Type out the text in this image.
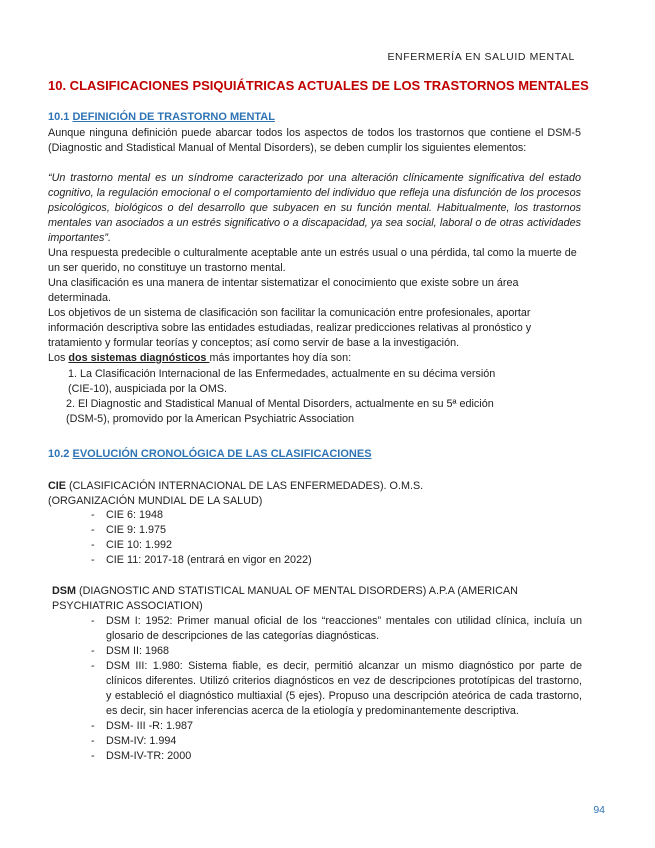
ENFERMERÍA EN SALUID MENTAL
10. CLASIFICACIONES PSIQUIÁTRICAS ACTUALES DE LOS TRASTORNOS MENTALES
10.1 DEFINICIÓN DE TRASTORNO MENTAL
Aunque ninguna definición puede abarcar todos los aspectos de todos los trastornos que contiene el DSM-5 (Diagnostic and Stadistical Manual of Mental Disorders), se deben cumplir los siguientes elementos:
“Un trastorno mental es un síndrome caracterizado por una alteración clínicamente significativa del estado cognitivo, la regulación emocional o el comportamiento del individuo que refleja una disfunción de los procesos psicológicos, biológicos o del desarrollo que subyacen en su función mental. Habitualmente, los trastornos mentales van asociados a un estrés significativo o a discapacidad, ya sea social, laboral o de otras actividades importantes”.
Una respuesta predecible o culturalmente aceptable ante un estrés usual o una pérdida, tal como la muerte de un ser querido, no constituye un trastorno mental.
Una clasificación es una manera de intentar sistematizar el conocimiento que existe sobre un área determinada.
Los objetivos de un sistema de clasificación son facilitar la comunicación entre profesionales, aportar información descriptiva sobre las entidades estudiadas, realizar predicciones relativas al pronóstico y tratamiento y formular teorías y conceptos; así como servir de base a la investigación.
Los dos sistemas diagnósticos más importantes hoy día son:
1. La Clasificación Internacional de las Enfermedades, actualmente en su décima versión
(CIE-10), auspiciada por la OMS.
2. El Diagnostic and Stadistical Manual of Mental Disorders, actualmente en su 5ª edición
(DSM-5), promovido por la American Psychiatric Association
10.2 EVOLUCIÓN CRONOLÓGICA DE LAS CLASIFICACIONES
CIE (CLASIFICACIÓN INTERNACIONAL DE LAS ENFERMEDADES). O.M.S.
(ORGANIZACIÓN MUNDIAL DE LA SALUD)
- CIE 6: 1948
- CIE 9: 1.975
- CIE 10: 1.992
- CIE 11: 2017-18 (entrará en vigor en 2022)
DSM (DIAGNOSTIC AND STATISTICAL MANUAL OF MENTAL DISORDERS) A.P.A (AMERICAN PSYCHIATRIC ASSOCIATION)
- DSM I: 1952: Primer manual oficial de los “reacciones” mentales con utilidad clínica, incluía un glosario de descripciones de las categorías diagnósticas.
- DSM II: 1968
- DSM III: 1.980: Sistema fiable, es decir, permitió alcanzar un mismo diagnóstico por parte de clínicos diferentes. Utilizó criterios diagnósticos en vez de descripciones prototípicas del trastorno, y estableció el diagnóstico multiaxial (5 ejes). Propuso una descripción ateórica de cada trastorno, es decir, sin hacer inferencias acerca de la etiología y predominantemente descriptiva.
- DSM- III -R: 1.987
- DSM-IV: 1.994
- DSM-IV-TR: 2000
94
